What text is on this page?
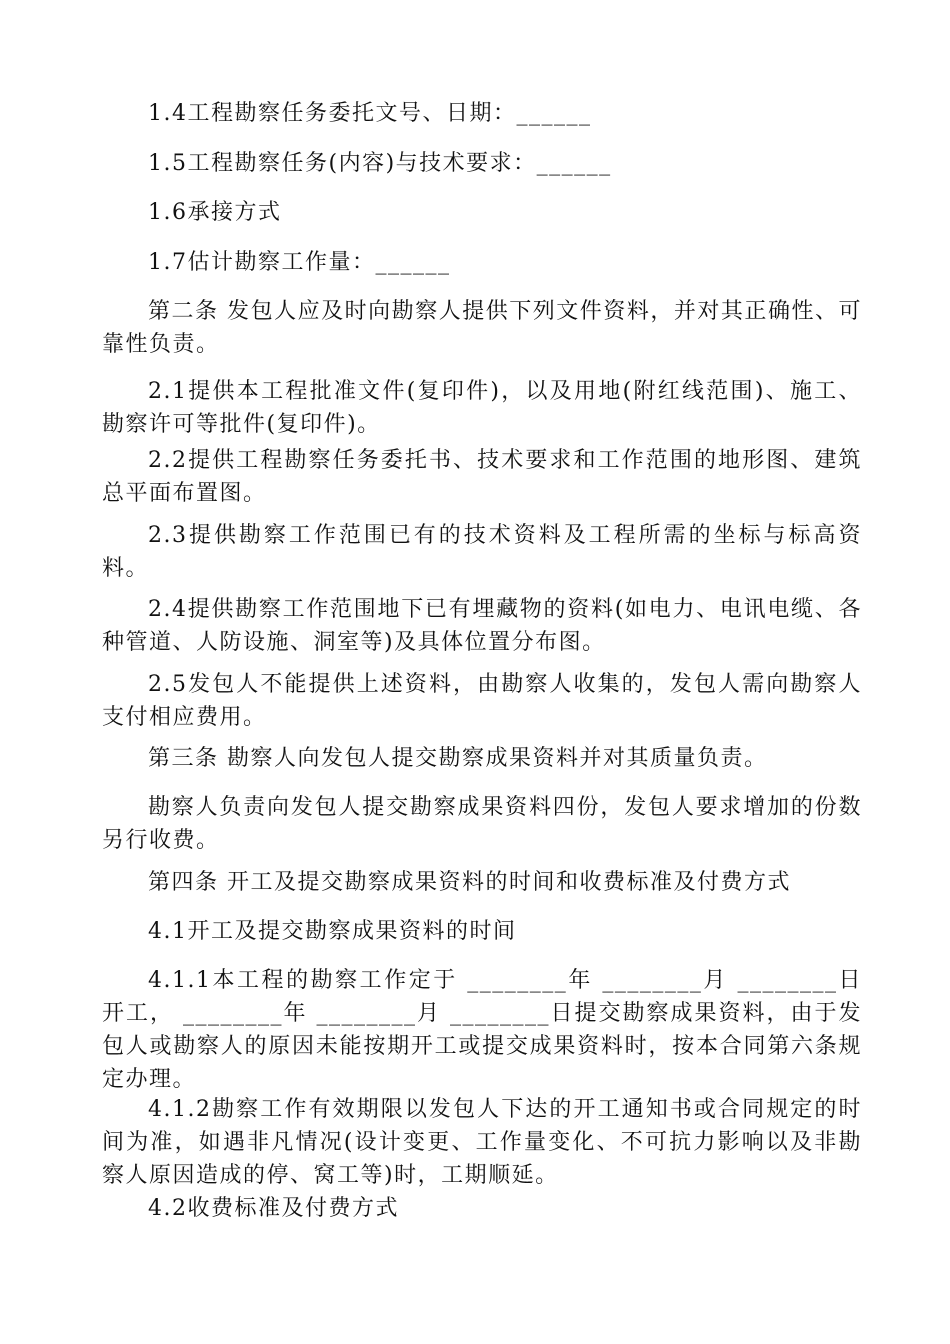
1.4工程勘察任务委托文号、日期：______

1.5工程勘察任务(内容)与技术要求：______

1.6承接方式

1.7估计勘察工作量：______

第二条 发包人应及时向勘察人提供下列文件资料，并对其正确性、可靠性负责。

2.1提供本工程批准文件(复印件)，以及用地(附红线范围)、施工、勘察许可等批件(复印件)。

2.2提供工程勘察任务委托书、技术要求和工作范围的地形图、建筑总平面布置图。

2.3提供勘察工作范围已有的技术资料及工程所需的坐标与标高资料。

2.4提供勘察工作范围地下已有埋藏物的资料(如电力、电讯电缆、各种管道、人防设施、洞室等)及具体位置分布图。

2.5发包人不能提供上述资料，由勘察人收集的，发包人需向勘察人支付相应费用。

第三条 勘察人向发包人提交勘察成果资料并对其质量负责。

勘察人负责向发包人提交勘察成果资料四份，发包人要求增加的份数另行收费。

第四条 开工及提交勘察成果资料的时间和收费标准及付费方式

4.1开工及提交勘察成果资料的时间

4.1.1本工程的勘察工作定于 ________年 ________月 ________日开工， ________年 ________月 ________日提交勘察成果资料，由于发包人或勘察人的原因未能按期开工或提交成果资料时，按本合同第六条规定办理。

4.1.2勘察工作有效期限以发包人下达的开工通知书或合同规定的时间为准，如遇非凡情况(设计变更、工作量变化、不可抗力影响以及非勘察人原因造成的停、窝工等)时，工期顺延。

4.2收费标准及付费方式
